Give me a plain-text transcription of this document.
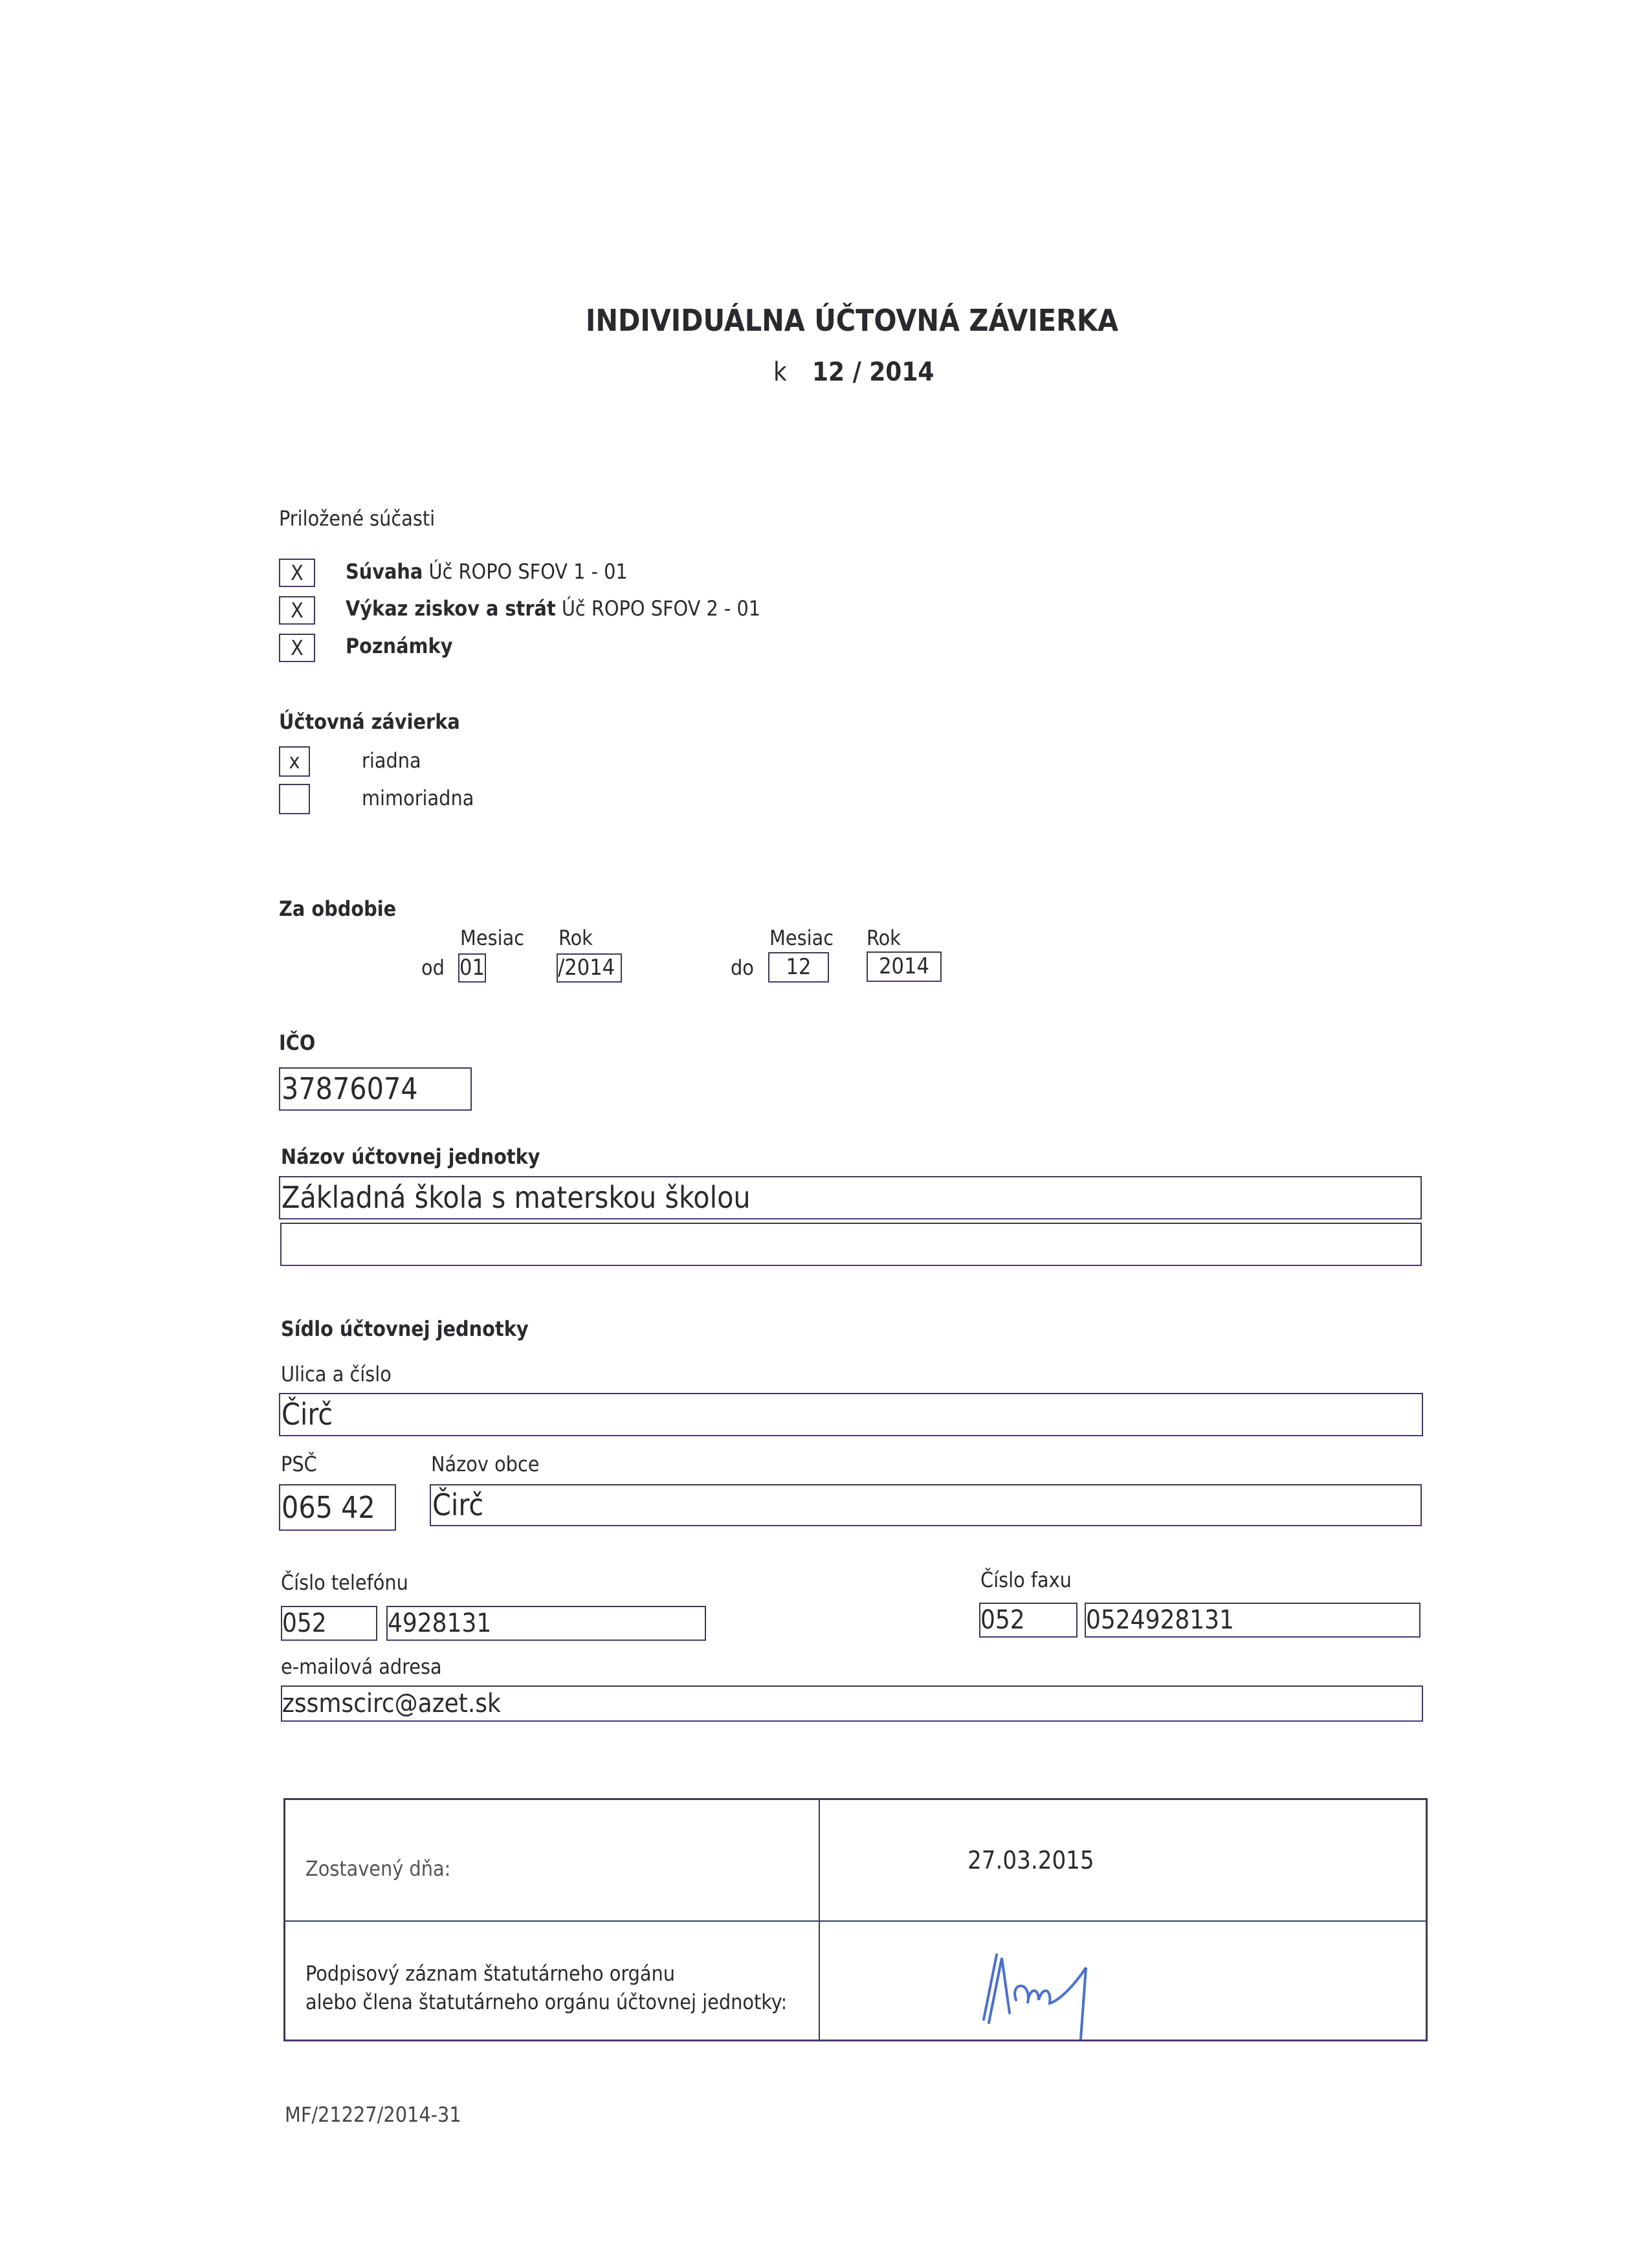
INDIVIDUÁLNA ÚČTOVNÁ ZÁVIERKA
k 12 / 2014
Priložené súčasti
X	Súvaha Úč ROPO SFOV 1 - 01
X	Výkaz ziskov a strát Úč ROPO SFOV 2 - 01
X	Poznámky
Účtovná závierka
x	riadna
mimoriadna
Za obdobie
Mesiac Rok	Mesiac Rok
od 01	/2014	do	12	2014
IČO
37876074
Názov účtovnej jednotky
Základná škola s materskou školou
Sídlo účtovnej jednotky
Ulica a číslo
Čirč
PSČ	Názov obce
065 42	Čirč
Číslo telefónu	Číslo faxu
052	4928131	052	0524928131
e-mailová adresa
zssmscirc@azet.sk
Zostavený dňa:	27.03.2015
Podpisový záznam štatutárneho orgánu
alebo člena štatutárneho orgánu účtovnej jednotky:
MF/21227/2014-31
